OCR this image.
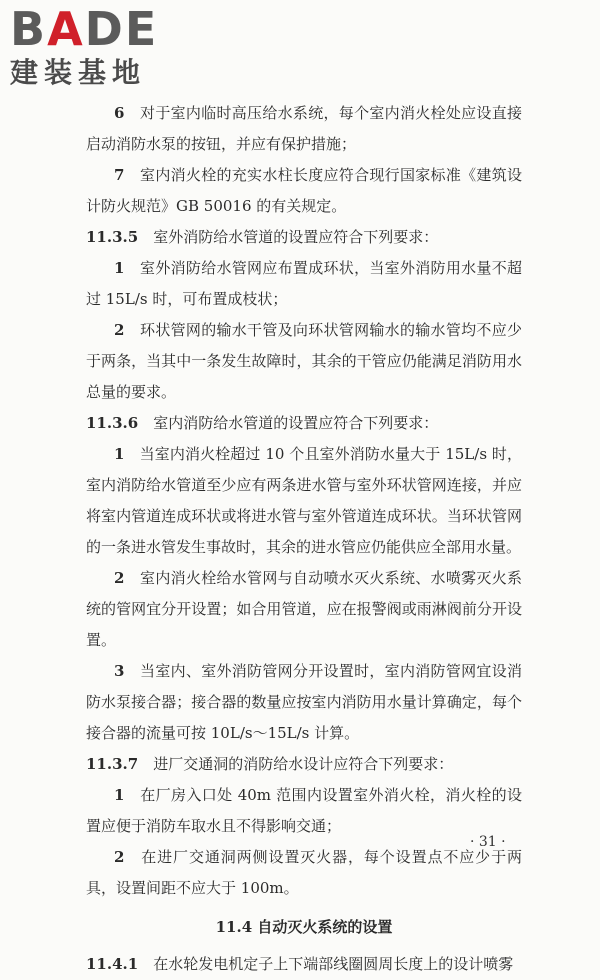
BADE
建装基地

6　 对于室内临时高压给水系统，每个室内消火栓处应设直接启动消防水泵的按钮，并应有保护措施；

7　 室内消火栓的充实水柱长度应符合现行国家标准《建筑设计防火规范》GB 50016 的有关规定。

11.3.5　 室外消防给水管道的设置应符合下列要求：

1　 室外消防给水管网应布置成环状，当室外消防用水量不超过 15L/s 时，可布置成枝状；

2　 环状管网的输水干管及向环状管网输水的输水管均不应少于两条，当其中一条发生故障时，其余的干管应仍能满足消防用水总量的要求。

11.3.6　 室内消防给水管道的设置应符合下列要求：

1　 当室内消火栓超过 10 个且室外消防水量大于 15L/s 时，室内消防给水管道至少应有两条进水管与室外环状管网连接，并应将室内管道连成环状或将进水管与室外管道连成环状。当环状管网的一条进水管发生事故时，其余的进水管应仍能供应全部用水量。

2　 室内消火栓给水管网与自动喷水灭火系统、水喷雾灭火系统的管网宜分开设置；如合用管道，应在报警阀或雨淋阀前分开设置。

3　 当室内、室外消防管网分开设置时，室内消防管网宜设消防水泵接合器；接合器的数量应按室内消防用水量计算确定，每个接合器的流量可按 10L/s～15L/s 计算。

11.3.7　 进厂交通洞的消防给水设计应符合下列要求：

1　 在厂房入口处 40m 范围内设置室外消火栓，消火栓的设置应便于消防车取水且不得影响交通；

2　 在进厂交通洞两侧设置灭火器，每个设置点不应少于两具，设置间距不应大于 100m。

11.4 自动灭火系统的设置

11.4.1　 在水轮发电机定子上下端部线圈圆周长度上的设计喷雾

· 31 ·
